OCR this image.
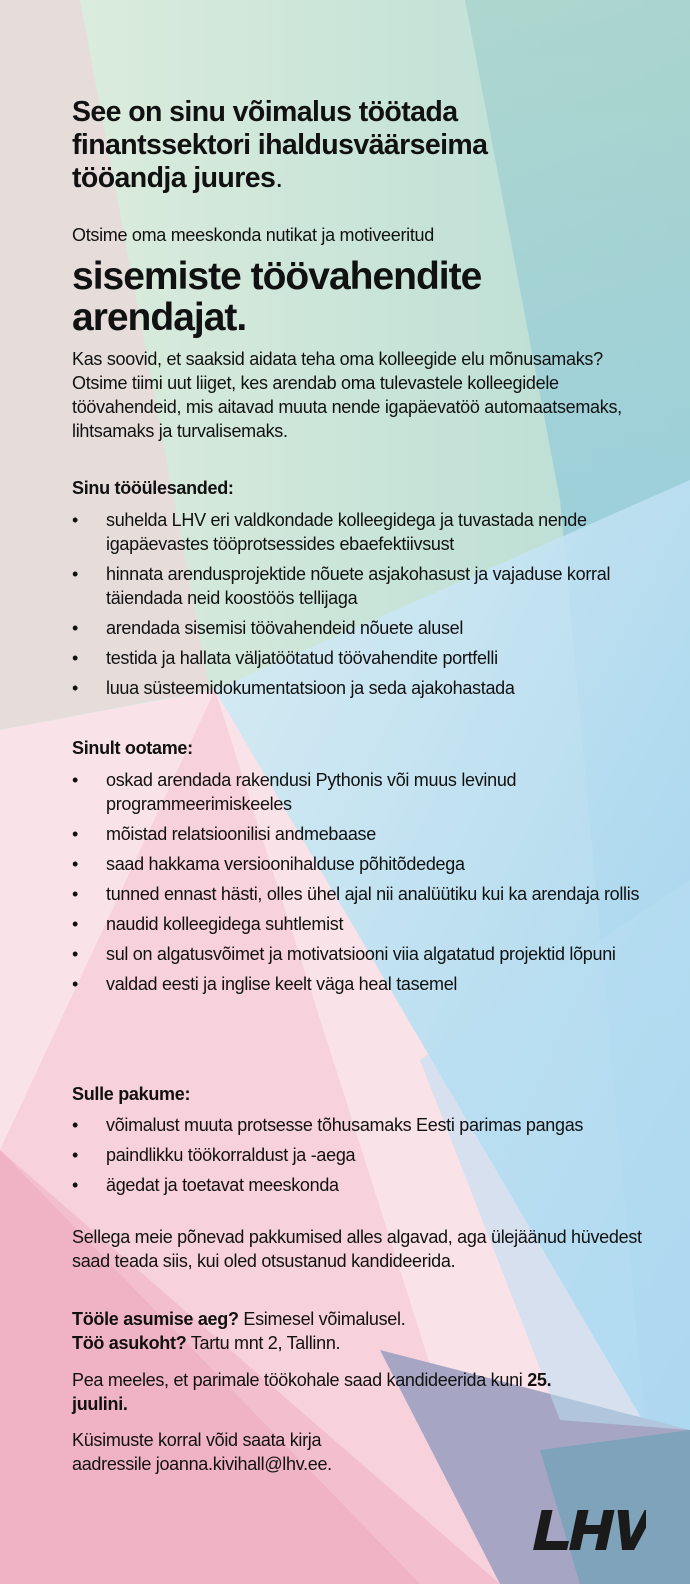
See on sinu võimalus töötada
finantssektori ihaldusväärseima
tööandja juures.

Otsime oma meeskonda nutikat ja motiveeritud

sisemiste töövahendite
arendajat.

Kas soovid, et saaksid aidata teha oma kolleegide elu mõnusamaks? Otsime tiimi uut liiget, kes arendab oma tulevastele kolleegidele töövahendeid, mis aitavad muuta nende igapäevatöö automaatsemaks, lihtsamaks ja turvalisemaks.

Sinu tööülesanded:
• suhelda LHV eri valdkondade kolleegidega ja tuvastada nende igapäevastes tööprotsessides ebaefektiivsust
• hinnata arendusprojektide nõuete asjakohasust ja vajaduse korral täiendada neid koostöös tellijaga
• arendada sisemisi töövahendeid nõuete alusel
• testida ja hallata väljatöötatud töövahendite portfelli
• luua süsteemidokumentatsioon ja seda ajakohastada
Sinult ootame:
• oskad arendada rakendusi Pythonis või muus levinud programmeerimiskeeles
• mõistad relatsioonilisi andmebaase
• saad hakkama versioonihalduse põhitõdedega
• tunned ennast hästi, olles ühel ajal nii analüütiku kui ka arendaja rollis
• naudid kolleegidega suhtlemist
• sul on algatusvõimet ja motivatsiooni viia algatatud projektid lõpuni
• valdad eesti ja inglise keelt väga heal tasemel
Sulle pakume:
• võimalust muuta protsesse tõhusamaks Eesti parimas pangas
• paindlikku töökorraldust ja -aega
• ägedat ja toetavat meeskonda

Sellega meie põnevad pakkumised alles algavad, aga ülejäänud hüvedest saad teada siis, kui oled otsustanud kandideerida.

Tööle asumise aeg? Esimesel võimalusel.
Töö asukoht? Tartu mnt 2, Tallinn.

Pea meeles, et parimale töökohale saad kandideerida kuni 25. juulini.

Küsimuste korral võid saata kirja
aadressile joanna.kivihall@lhv.ee.
